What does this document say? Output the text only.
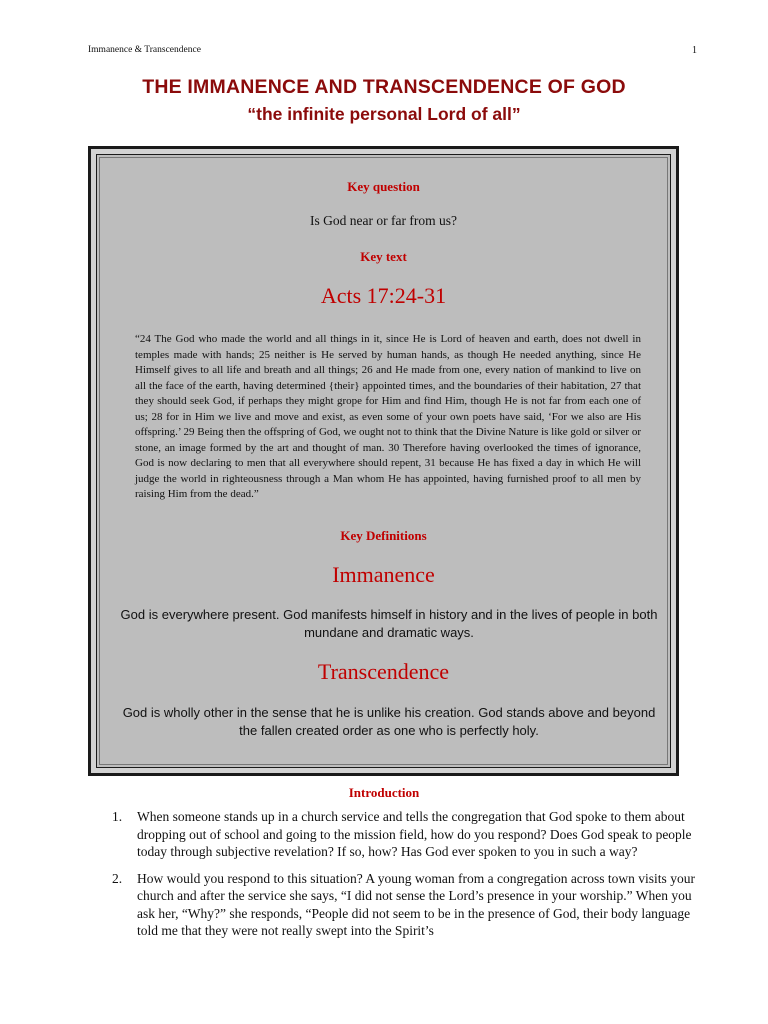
Immanence & Transcendence	1
THE IMMANENCE AND TRANSCENDENCE OF GOD
“the infinite personal Lord of all”
Key question
Is God near or far from us?
Key text
Acts 17:24-31
“24 The God who made the world and all things in it, since He is Lord of heaven and earth, does not dwell in temples made with hands; 25 neither is He served by human hands, as though He needed anything, since He Himself gives to all life and breath and all things; 26 and He made from one, every nation of mankind to live on all the face of the earth, having determined {their} appointed times, and the boundaries of their habitation, 27 that they should seek God, if perhaps they might grope for Him and find Him, though He is not far from each one of us; 28 for in Him we live and move and exist, as even some of your own poets have said, ‘For we also are His offspring.’ 29 Being then the offspring of God, we ought not to think that the Divine Nature is like gold or silver or stone, an image formed by the art and thought of man. 30 Therefore having overlooked the times of ignorance, God is now declaring to men that all everywhere should repent, 31 because He has fixed a day in which He will judge the world in righteousness through a Man whom He has appointed, having furnished proof to all men by raising Him from the dead.”
Key Definitions
Immanence
God is everywhere present. God manifests himself in history and in the lives of people in both mundane and dramatic ways.
Transcendence
God is wholly other in the sense that he is unlike his creation. God stands above and beyond the fallen created order as one who is perfectly holy.
Introduction
1. When someone stands up in a church service and tells the congregation that God spoke to them about dropping out of school and going to the mission field, how do you respond? Does God speak to people today through subjective revelation? If so, how? Has God ever spoken to you in such a way?
2. How would you respond to this situation? A young woman from a congregation across town visits your church and after the service she says, “I did not sense the Lord’s presence in your worship.” When you ask her, “Why?” she responds, “People did not seem to be in the presence of God, their body language told me that they were not really swept into the Spirit’s
